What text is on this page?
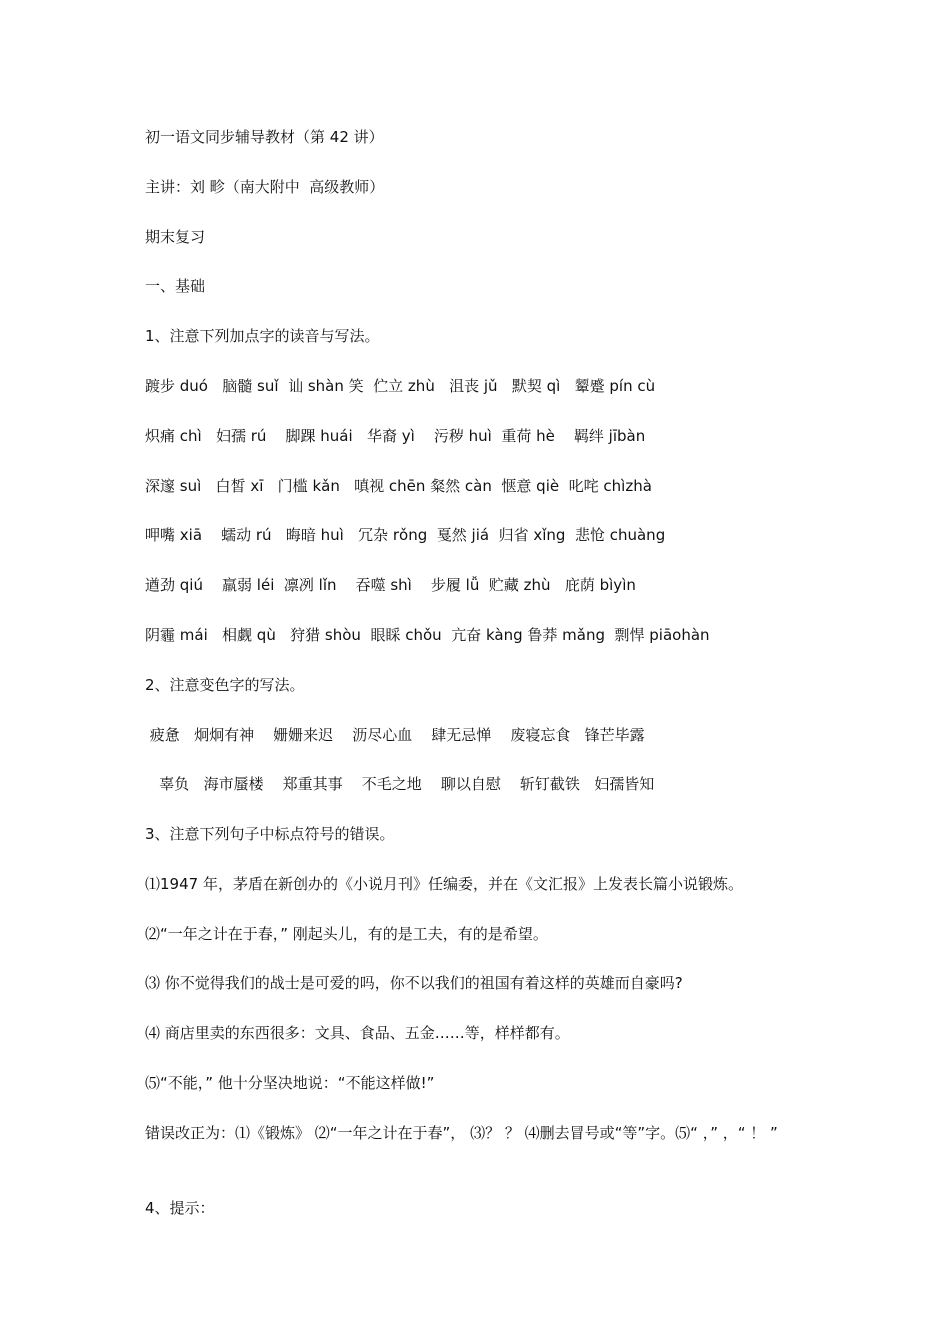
初一语文同步辅导教材（第 42 讲）
主讲：刘 畛（南大附中  高级教师）
期末复习
一、基础
1、注意下列加点字的读音与写法。
踱步 duó   脑髓 suǐ  讪 shàn 笑  伫立 zhù   沮丧 jǔ   默契 qì   颦蹙 pín cù
炽痛 chì   妇孺 rú    脚踝 huái   华裔 yì    污秽 huì  重荷 hè    羁绊 jībàn
深邃 suì   白皙 xī   门槛 kǎn   嗔视 chēn 粲然 càn  惬意 qiè  叱咤 chìzhà
呷嘴 xiā    蠕动 rú   晦暗 huì   冗杂 rǒng  戛然 jiá  归省 xǐng  悲怆 chuàng
遒劲 qiú    羸弱 léi  凛冽 lǐn    吞噬 shì    步履 lǚ  贮藏 zhù   庇荫 bìyìn
阴霾 mái   相觑 qù   狩猎 shòu  眼睬 chǒu  亢奋 kàng 鲁莽 mǎng  剽悍 piāohàn
2、注意变色字的写法。
疲惫   炯炯有神    姗姗来迟    沥尽心血    肆无忌惮    废寝忘食   锋芒毕露
辜负   海市蜃楼    郑重其事    不毛之地    聊以自慰    斩钉截铁   妇孺皆知
3、注意下列句子中标点符号的错误。
⑴1947 年，茅盾在新创办的《小说月刊》任编委，并在《文汇报》上发表长篇小说锻炼。
⑵“一年之计在于春，” 刚起头儿，有的是工夫，有的是希望。
⑶ 你不觉得我们的战士是可爱的吗，你不以我们的祖国有着这样的英雄而自豪吗?
⑷ 商店里卖的东西很多：文具、食品、五金……等，样样都有。
⑸“不能，” 他十分坚决地说：“不能这样做!”
错误改正为：⑴《锻炼》 ⑵“一年之计在于春”， ⑶？ ？ ⑷删去冒号或“等”字。⑸“ ，” ，“ ！ ”
4、提示：
